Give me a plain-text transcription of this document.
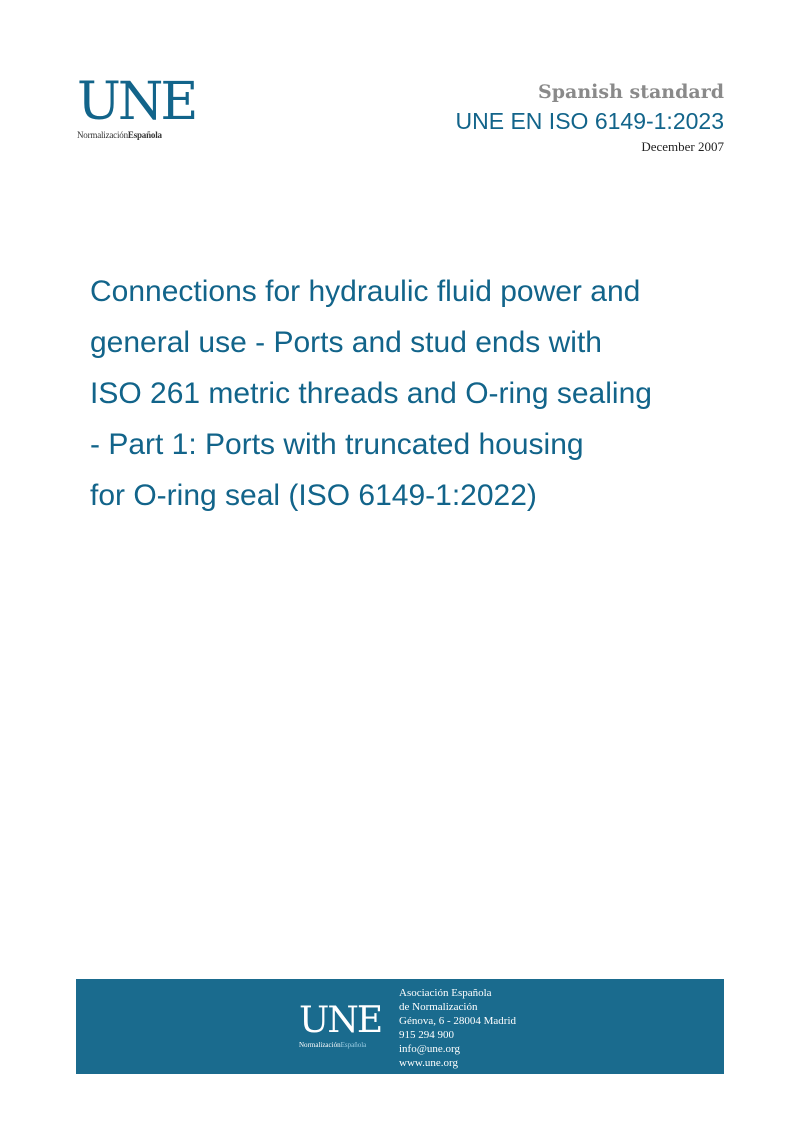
UNE
NormalizaciónEspañola
Spanish standard
UNE EN ISO 6149-1:2023
December 2007
Connections for hydraulic fluid power and
general use - Ports and stud ends with
ISO 261 metric threads and O-ring sealing
- Part 1: Ports with truncated housing
for O-ring seal (ISO 6149-1:2022)
UNE
NormalizaciónEspañola
Asociación Española
de Normalización
Génova, 6 - 28004 Madrid
915 294 900
info@une.org
www.une.org
